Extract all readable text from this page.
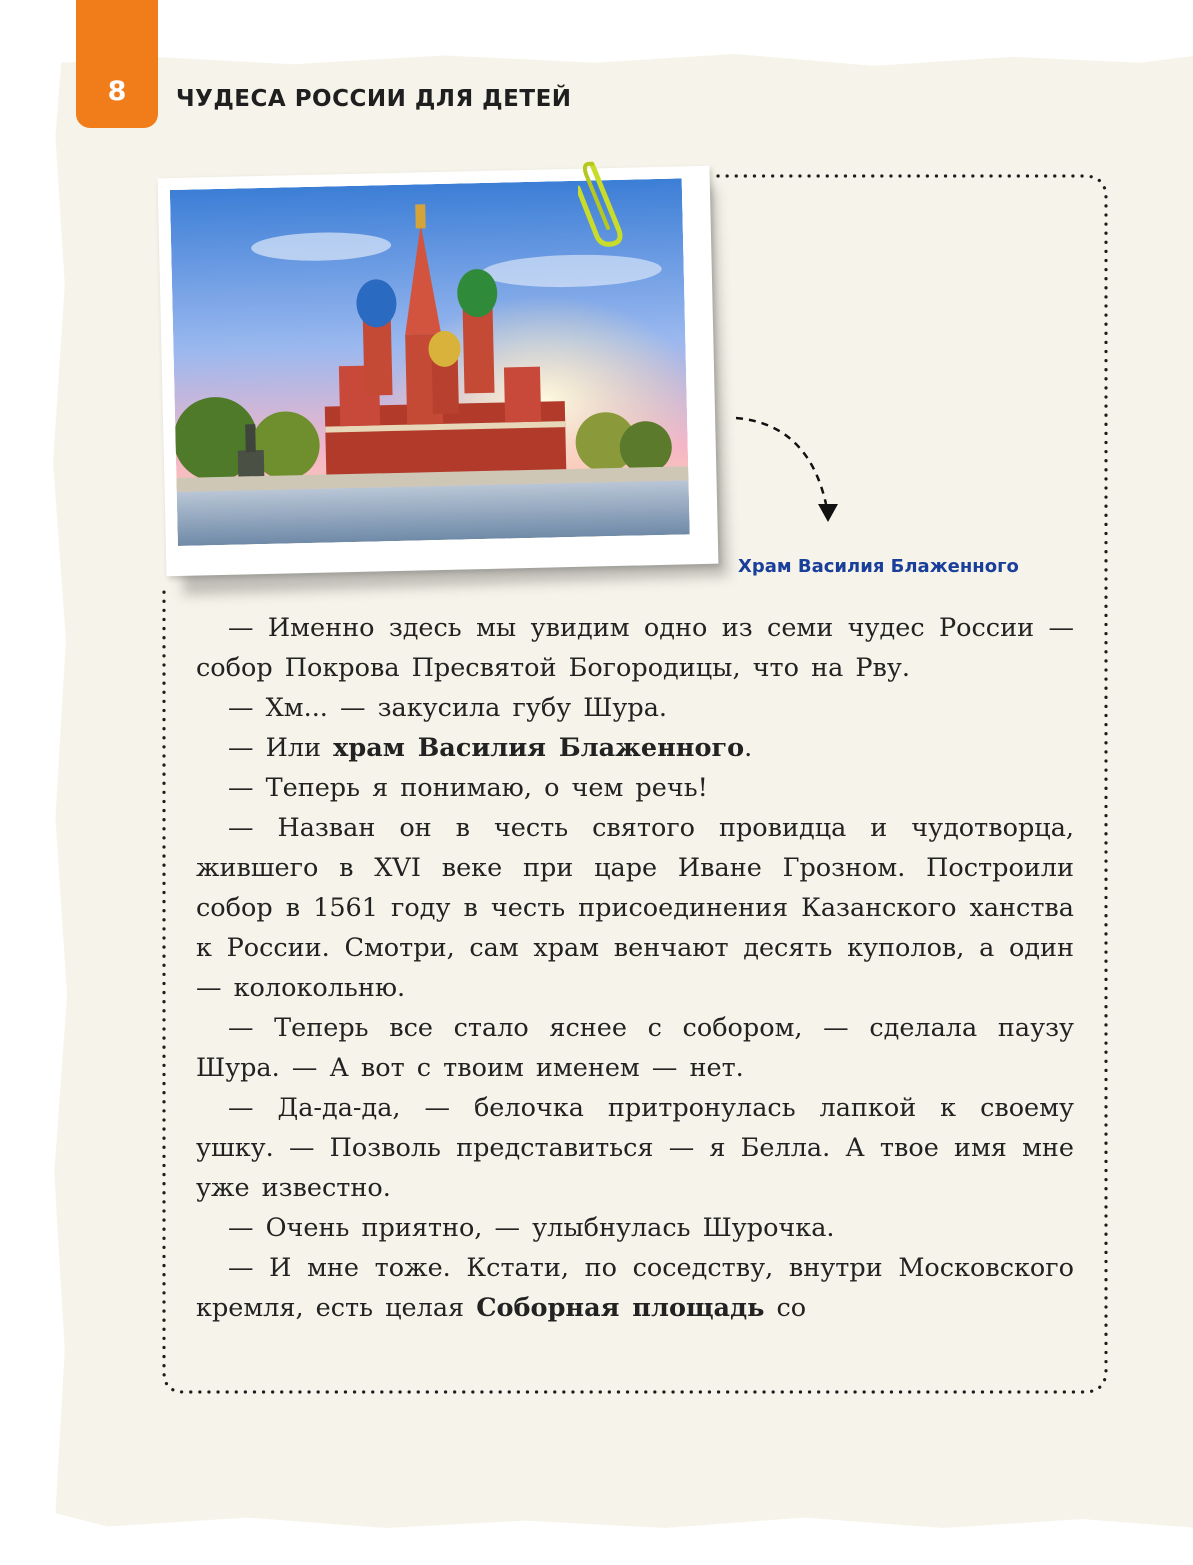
8	ЧУДЕСА РОССИИ ДЛЯ ДЕТЕЙ
Храм Василия Блаженного

— Именно здесь мы увидим одно из семи чудес России — собор Покрова Пресвятой Богородицы, что на Рву.

— Хм... — закусила губу Шура.

— Или храм Василия Блаженного.

— Теперь я понимаю, о чем речь!

— Назван он в честь святого провидца и чудотворца, жившего в XVI веке при царе Иване Грозном. Построили собор в 1561 году в честь присоединения Казанского ханства к России. Смотри, сам храм венчают десять куполов, а один — колокольню.

— Теперь все стало яснее с собором, — сделала паузу Шура. — А вот с твоим именем — нет.

— Да-да-да, — белочка притронулась лапкой к своему ушку. — Позволь представиться — я Белла. А твое имя мне уже известно.

— Очень приятно, — улыбнулась Шурочка.

— И мне тоже. Кстати, по соседству, внутри Московского кремля, есть целая Соборная площадь со
